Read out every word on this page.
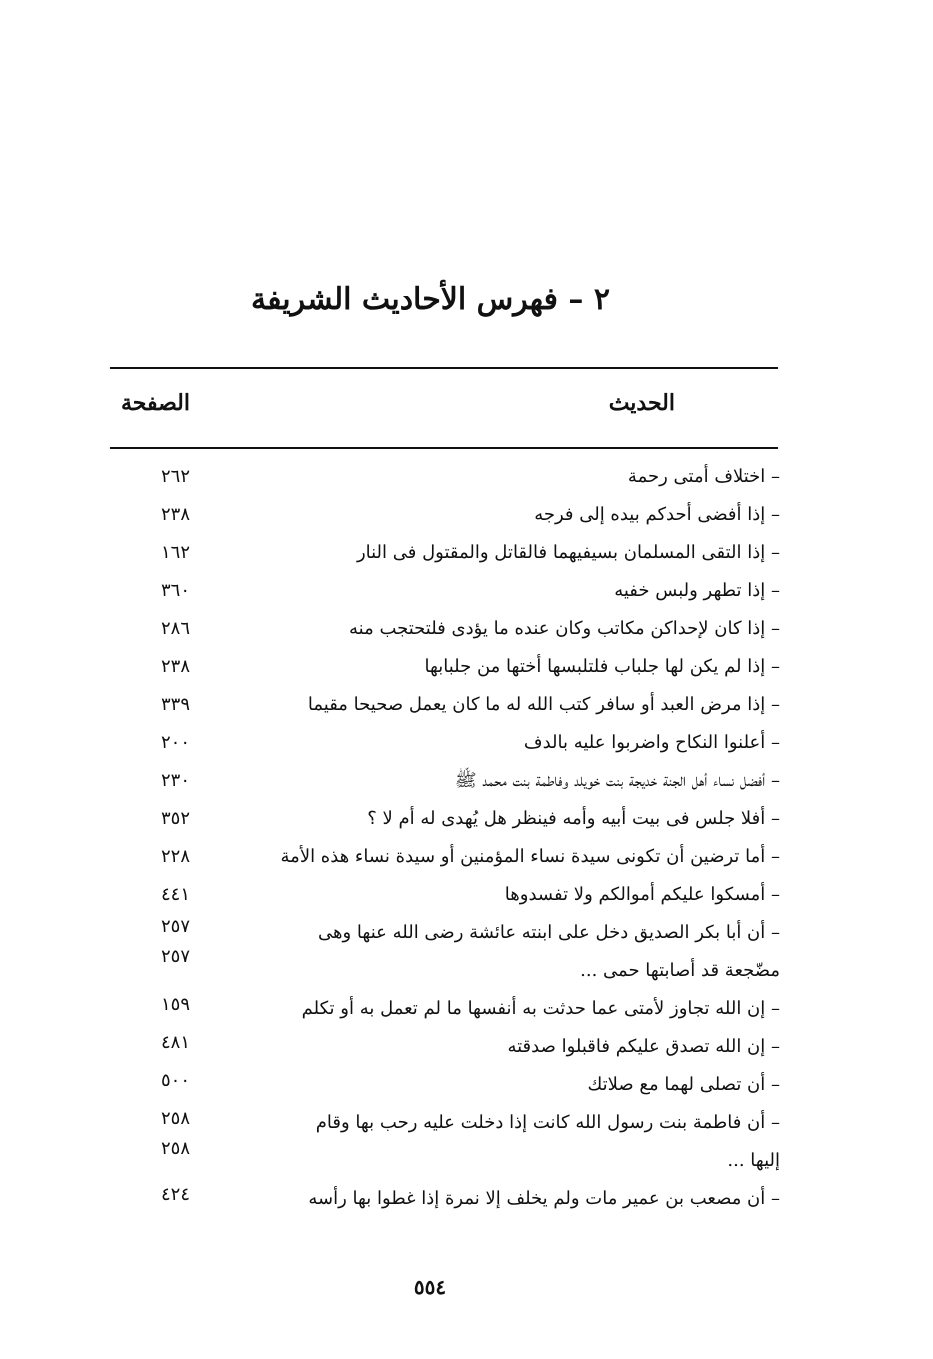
٢ – فهرس الأحاديث الشريفة
الحديث
الصفحة
– اختلاف أمتى رحمة
٢٦٢
– إذا أفضى أحدكم بيده إلى فرجه
٢٣٨
– إذا التقى المسلمان بسيفيهما فالقاتل والمقتول فى النار
١٦٢
– إذا تطهر ولبس خفيه
٣٦٠
– إذا كان لإحداكن مكاتب وكان عنده ما يؤدى فلتحتجب منه
٢٨٦
– إذا لم يكن لها جلباب فلتلبسها أختها من جلبابها
٢٣٨
– إذا مرض العبد أو سافر كتب الله له ما كان يعمل صحيحا مقيما
٣٣٩
– أعلنوا النكاح واضربوا عليه بالدف
٢٠٠
– أفضل نساء أهل الجنة خديجة بنت خويلد وفاطمة بنت محمد ﷺ
٢٣٠
– أفلا جلس فى بيت أبيه وأمه فينظر هل يُهدى له أم لا ؟
٣٥٢
– أما ترضين أن تكونى سيدة نساء المؤمنين أو سيدة نساء هذه الأمة
٢٢٨
– أمسكوا عليكم أموالكم ولا تفسدوها
٤٤١
– أن أبا بكر الصديق دخل على ابنته عائشة رضى الله عنها وهى
٢٥٧
مضّجعة قد أصابتها حمى ...
٢٥٧
– إن الله تجاوز لأمتى عما حدثت به أنفسها ما لم تعمل به أو تكلم
١٥٩
– إن الله تصدق عليكم فاقبلوا صدقته
٤٨١
– أن تصلى لهما مع صلاتك
٥٠٠
– أن فاطمة بنت رسول الله كانت إذا دخلت عليه رحب بها وقام
٢٥٨
إليها ...
٢٥٨
– أن مصعب بن عمير مات ولم يخلف إلا نمرة إذا غطوا بها رأسه
٤٢٤
٥٥٤
